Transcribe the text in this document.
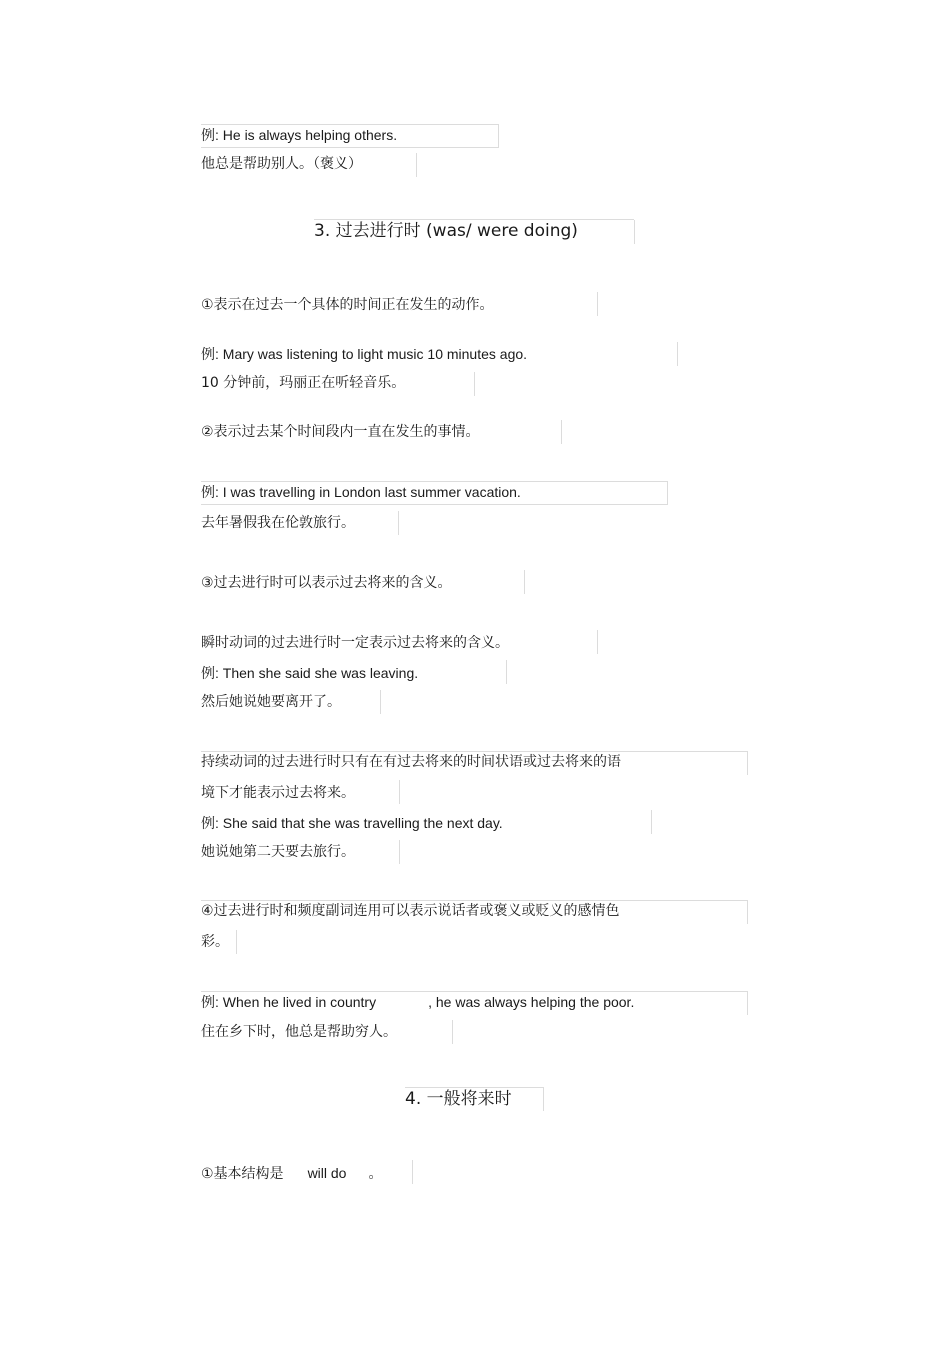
例: He is always helping others.
他总是帮助别人。（褒义）
3. 过去进行时 (was/ were doing)
①表示在过去一个具体的时间正在发生的动作。
例: Mary was listening to light music 10 minutes ago.
10 分钟前，玛丽正在听轻音乐。
②表示过去某个时间段内一直在发生的事情。
例: I was travelling in London last summer vacation.
去年暑假我在伦敦旅行。
③过去进行时可以表示过去将来的含义。
瞬时动词的过去进行时一定表示过去将来的含义。
例: Then she said she was leaving.
然后她说她要离开了。
持续动词的过去进行时只有在有过去将来的时间状语或过去将来的语
境下才能表示过去将来。
例: She said that she was travelling the next day.
她说她第二天要去旅行。
④过去进行时和频度副词连用可以表示说话者或褒义或贬义的感情色
彩。
例: When he lived in country	, he was always helping the poor.
住在乡下时，他总是帮助穷人。
4. 一般将来时
①基本结构是 will do 。
